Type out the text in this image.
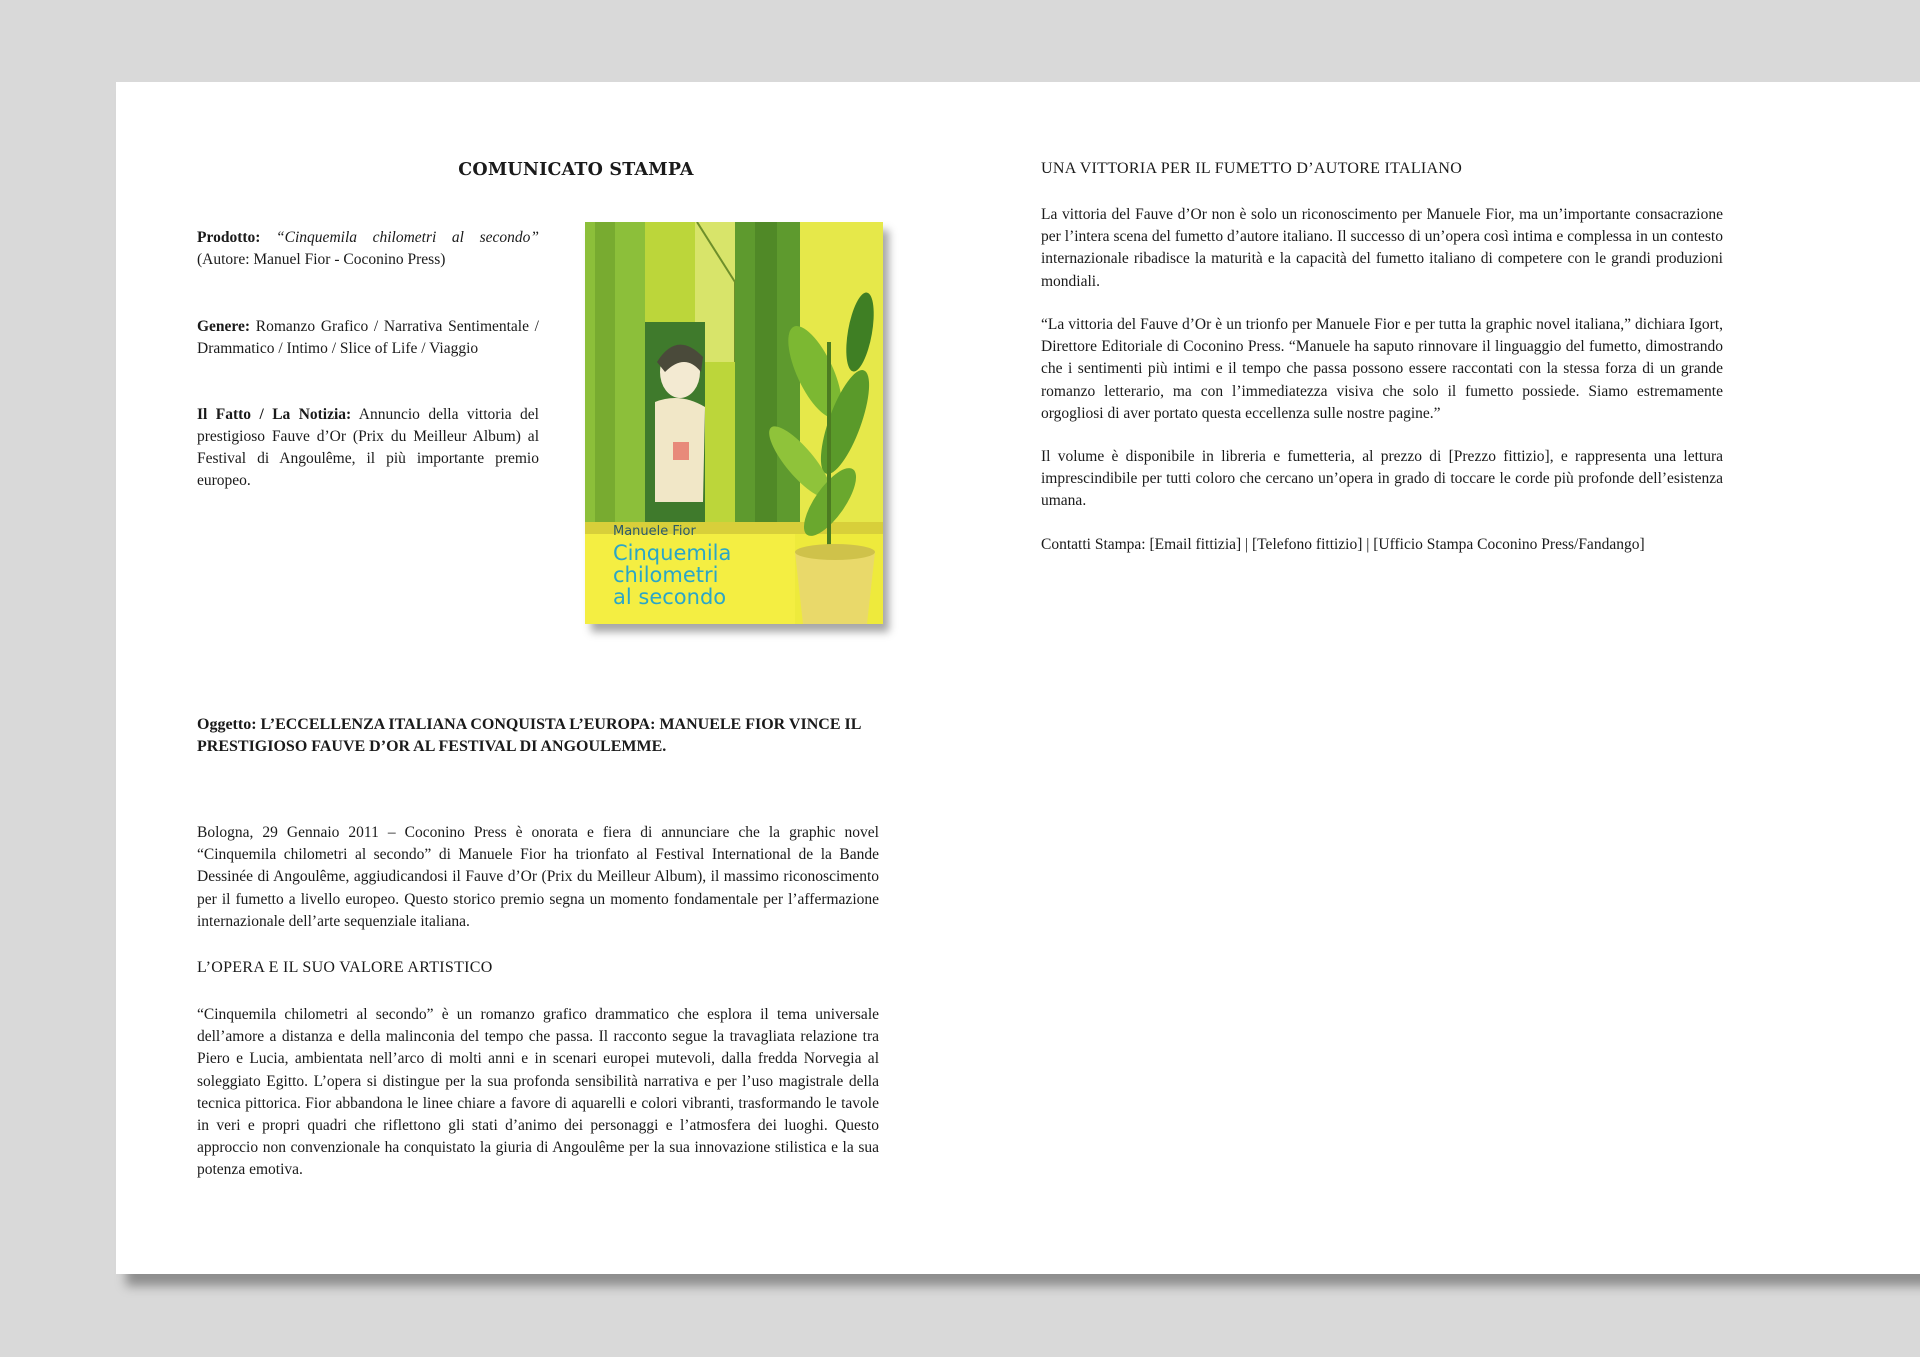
COMUNICATO STAMPA
Prodotto: “Cinquemila chilometri al secondo” (Autore: Manuel Fior - Coconino Press)
Genere: Romanzo Grafico / Narrativa Sentimentale / Drammatico / Intimo / Slice of Life / Viaggio
Il Fatto / La Notizia: Annuncio della vittoria del prestigioso Fauve d’Or (Prix du Meilleur Album) al Festival di Angoulême, il più importante premio europeo.
Manuele Fior
Cinquemila
chilometri
al secondo
Oggetto: L’ECCELLENZA ITALIANA CONQUISTA L’EUROPA: MANUELE FIOR VINCE IL PRESTIGIOSO FAUVE D’OR AL FESTIVAL DI ANGOULEMME.
Bologna, 29 Gennaio 2011 – Coconino Press è onorata e fiera di annunciare che la graphic novel “Cinquemila chilometri al secondo” di Manuele Fior ha trionfato al Festival International de la Bande Dessinée di Angoulême, aggiudicandosi il Fauve d’Or (Prix du Meilleur Album), il massimo riconoscimento per il fumetto a livello europeo. Questo storico premio segna un momento fondamentale per l’affermazione internazionale dell’arte sequenziale italiana.
L’OPERA E IL SUO VALORE ARTISTICO
“Cinquemila chilometri al secondo” è un romanzo grafico drammatico che esplora il tema universale dell’amore a distanza e della malinconia del tempo che passa. Il racconto segue la travagliata relazione tra Piero e Lucia, ambientata nell’arco di molti anni e in scenari europei mutevoli, dalla fredda Norvegia al soleggiato Egitto. L’opera si distingue per la sua profonda sensibilità narrativa e per l’uso magistrale della tecnica pittorica. Fior abbandona le linee chiare a favore di aquarelli e colori vibranti, trasformando le tavole in veri e propri quadri che riflettono gli stati d’animo dei personaggi e l’atmosfera dei luoghi. Questo approccio non convenzionale ha conquistato la giuria di Angoulême per la sua innovazione stilistica e la sua potenza emotiva.
UNA VITTORIA PER IL FUMETTO D’AUTORE ITALIANO
La vittoria del Fauve d’Or non è solo un riconoscimento per Manuele Fior, ma un’importante consacrazione per l’intera scena del fumetto d’autore italiano. Il successo di un’opera così intima e complessa in un contesto internazionale ribadisce la maturità e la capacità del fumetto italiano di competere con le grandi produzioni mondiali.
“La vittoria del Fauve d’Or è un trionfo per Manuele Fior e per tutta la graphic novel italiana,” dichiara Igort, Direttore Editoriale di Coconino Press. “Manuele ha saputo rinnovare il linguaggio del fumetto, dimostrando che i sentimenti più intimi e il tempo che passa possono essere raccontati con la stessa forza di un grande romanzo letterario, ma con l’immediatezza visiva che solo il fumetto possiede. Siamo estremamente orgogliosi di aver portato questa eccellenza sulle nostre pagine.”
Il volume è disponibile in libreria e fumetteria, al prezzo di [Prezzo fittizio], e rappresenta una lettura imprescindibile per tutti coloro che cercano un’opera in grado di toccare le corde più profonde dell’esistenza umana.
Contatti Stampa: [Email fittizia] | [Telefono fittizio] | [Ufficio Stampa Coconino Press/Fandango]
